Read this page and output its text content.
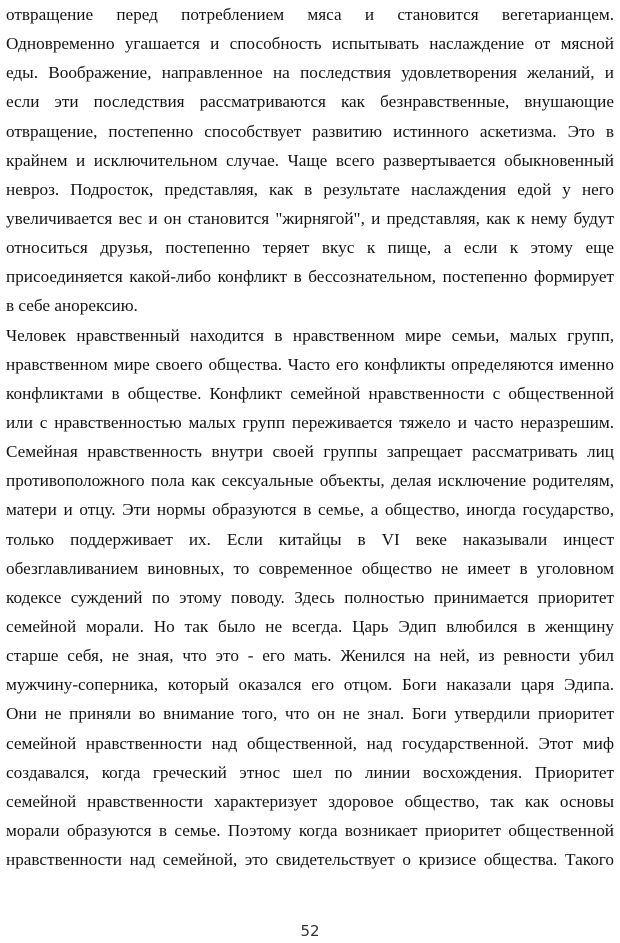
отвращение перед потреблением мяса и становится вегетарианцем.
Одновременно угашается и способность испытывать наслаждение от мясной
еды. Воображение, направленное на последствия удовлетворения желаний, и
если эти последствия рассматриваются как безнравственные, внушающие
отвращение, постепенно способствует развитию истинного аскетизма. Это в
крайнем и исключительном случае. Чаще всего развертывается обыкновенный
невроз. Подросток, представляя, как в результате наслаждения едой у него
увеличивается вес и он становится "жирнягой", и представляя, как к нему будут
относиться друзья, постепенно теряет вкус к пище, а если к этому еще
присоединяется какой-либо конфликт в бессознательном, постепенно формирует
в себе анорексию.
Человек нравственный находится в нравственном мире семьи, малых групп,
нравственном мире своего общества. Часто его конфликты определяются именно
конфликтами в обществе. Конфликт семейной нравственности с общественной
или с нравственностью малых групп переживается тяжело и часто неразрешим.
Семейная нравственность внутри своей группы запрещает рассматривать лиц
противоположного пола как сексуальные объекты, делая исключение родителям,
матери и отцу. Эти нормы образуются в семье, а общество, иногда государство,
только поддерживает их. Если китайцы в VI веке наказывали инцест
обезглавливанием виновных, то современное общество не имеет в уголовном
кодексе суждений по этому поводу. Здесь полностью принимается приоритет
семейной морали. Но так было не всегда. Царь Эдип влюбился в женщину
старше себя, не зная, что это - его мать. Женился на ней, из ревности убил
мужчину-соперника, который оказался его отцом. Боги наказали царя Эдипа.
Они не приняли во внимание того, что он не знал. Боги утвердили приоритет
семейной нравственности над общественной, над государственной. Этот миф
создавался, когда греческий этнос шел по линии восхождения. Приоритет
семейной нравственности характеризует здоровое общество, так как основы
морали образуются в семье. Поэтому когда возникает приоритет общественной
нравственности над семейной, это свидетельствует о кризисе общества. Такого
52
